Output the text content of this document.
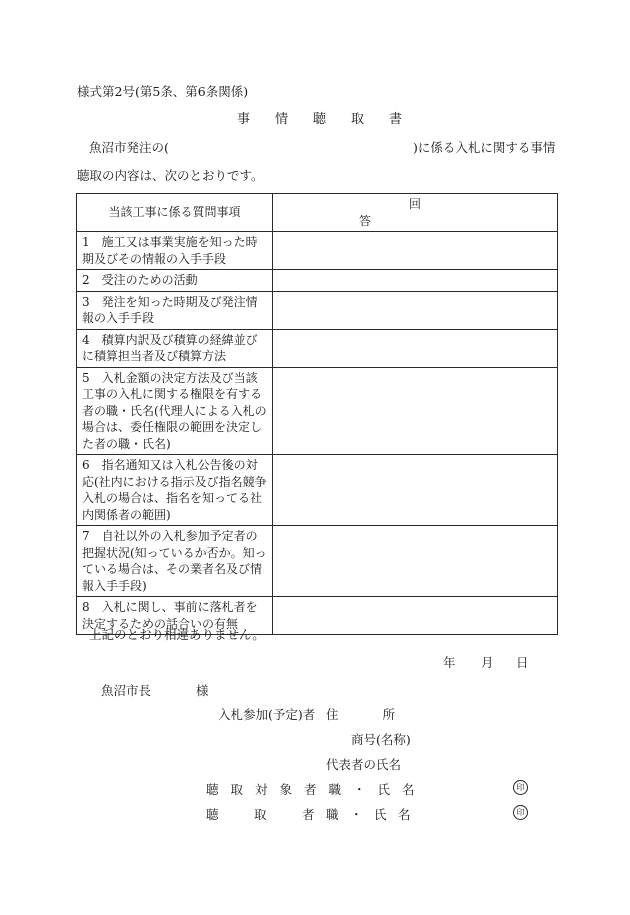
様式第2号(第5条、第6条関係)
事情聴取書
魚沼市発注の(	)に係る入札に関する事情
聴取の内容は、次のとおりです。
当該工事に係る質問事項	回答

1　施工又は事業実施を知った時期及びその情報の入手手段	

2　受注のための活動	

3　発注を知った時期及び発注情報の入手手段	

4　積算内訳及び積算の経緯並びに積算担当者及び積算方法	

5　入札金額の決定方法及び当該工事の入札に関する権限を有する者の職・氏名(代理人による入札の場合は、委任権限の範囲を決定した者の職・氏名)	

6　指名通知又は入札公告後の対応(社内における指示及び指名競争入札の場合は、指名を知ってる社内関係者の範囲)	

7　自社以外の入札参加予定者の把握状況(知っているか否か。知っている場合は、その業者名及び情報入手手段)	

8　入札に関し、事前に落札者を決定するための話合いの有無	

上記のとおり相違ありません。
年 月 日
魚沼市長	様
入札参加(予定)者 住所
商号(名称)
代表者の氏名
聴取対象者職・氏名	印
聴	取	者 職 ・ 氏 名	印
